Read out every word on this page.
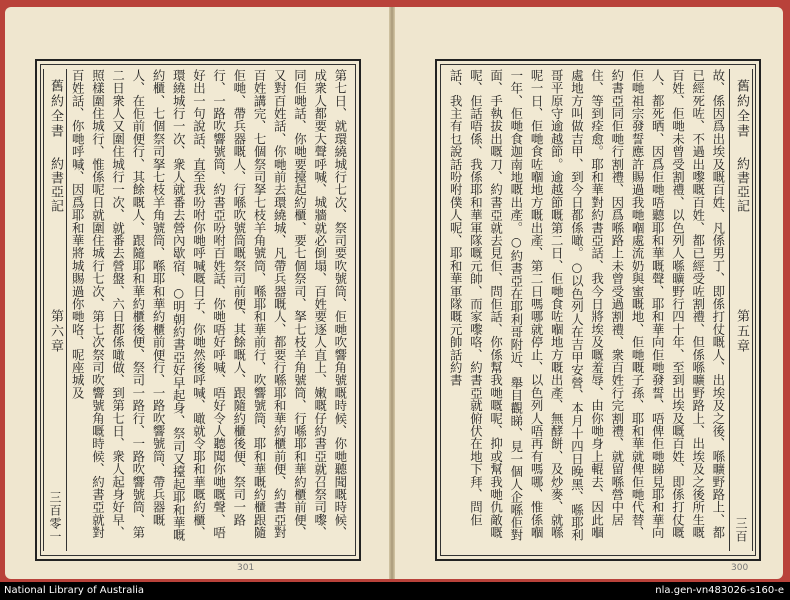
舊約全書
約書亞記
第六章
三百零一
第七日、就環繞城行七次、祭司要吹號筒、佢哋吹響角號嘅時候、你哋聽聞嘅時候、成衆人都要大聲呼喊、城牆就必倒塌、百姓要逐人直上、嫩嘅仔約書亞就召祭司嚟、同佢哋話、你哋要擡起約櫃、要七個祭司、拏七枝羊角號筒、行喺耶和華約櫃前便、又對百姓話、你哋前去環繞城、凡帶兵器嘅人、都要行喺耶和華約櫃前便、約書亞對百姓講完、七個祭司拏七枝羊角號筒、喺耶和華前行、吹響號筒、耶和華嘅約櫃跟隨佢哋、帶兵器嘅人、行喺吹號筒嘅祭司前便、其餘嘅人、跟隨約櫃後便、祭司一路行、一路吹響號筒、約書亞吩咐百姓話、你哋唔好呼喊、唔好令人聽聞你哋嘅聲、唔好出一句說話、直至我吩咐你哋呼喊嘅日子、你哋然後呼喊、噉就令耶和華嘅約櫃、環繞城行一次、衆人就番去營內歇宿、○明朝約書亞好早起身、祭司又擡起耶和華嘅約櫃、七個祭司拏七枝羊角號筒、喺耶和華約櫃前便行、一路吹響號筒、帶兵器嘅人、在佢前便行、其餘嘅人、跟隨耶和華約櫃後便、祭司一路行、一路吹響號筒、第二日衆人又圍住城行一次、就番去營盤、六日都係噉做、到第七日、衆人起身好早、照樣圍住城行、惟係呢日就圍住城行七次、第七次祭司吹響號角嘅時候、約書亞就對百姓話、你哋呼喊、因爲耶和華將城賜過你哋咯、呢座城及
301
舊約全書
約書亞記
第五章
三百
故、係因爲出埃及嘅百姓、凡係男丁、即係打仗嘅人、出埃及之後、喺曠野路上、都已經死咗、不過出嚟嘅百姓、都已經受咗割禮、但係喺曠野路上、出埃及之後所生嘅百姓、佢哋未曾受割禮、以色列人喺曠野行四十年、至到出埃及嘅百姓、即係打仗嘅人、都死晒、因爲佢哋唔聽耶和華嘅聲、耶和華向佢哋發誓、唔俾佢哋睇見耶和華向佢哋祖宗發誓應許賜過我哋嗰處流奶與蜜嘅地、佢哋嘅子孫、耶和華就俾佢哋代替、約書亞同佢哋行割禮、因爲喺路上未曾受過割禮、衆百姓行完割禮、就留喺營中居住、等到痊愈。耶和華對約書亞話、我今日將埃及嘅羞辱、由你哋身上輥去、因此嗰處地方叫做吉甲、到今日都係噉。○以色列人在吉甲安營、本月十四日晚黑、喺耶利哥平原守逾越節。逾越節嘅第二日、佢哋食咗嗰地方嘅出產、無酵餅、及炒麥、就喺呢一日、佢哋食咗嗰地方嘅出產、第二日嗎哪就停止、以色列人唔再有嗎哪、惟係嗰一年、佢哋食迦南地嘅出產。○約書亞在耶利哥附近、舉目觀睇、見一個人企喺佢對面、手執拔出嘅刀、約書亞就去見佢、問佢話、你係幫我哋嘅呢、抑或幫我哋仇敵嘅呢、佢話唔係、我係耶和華軍隊嘅元帥、而家嚟咯、約書亞就俯伏在地下拜、問佢話、我主有乜說話吩咐僕人呢、耶和華軍隊嘅元帥話約書
300
National Library of Australia	nla.gen-vn483026-s160-e
